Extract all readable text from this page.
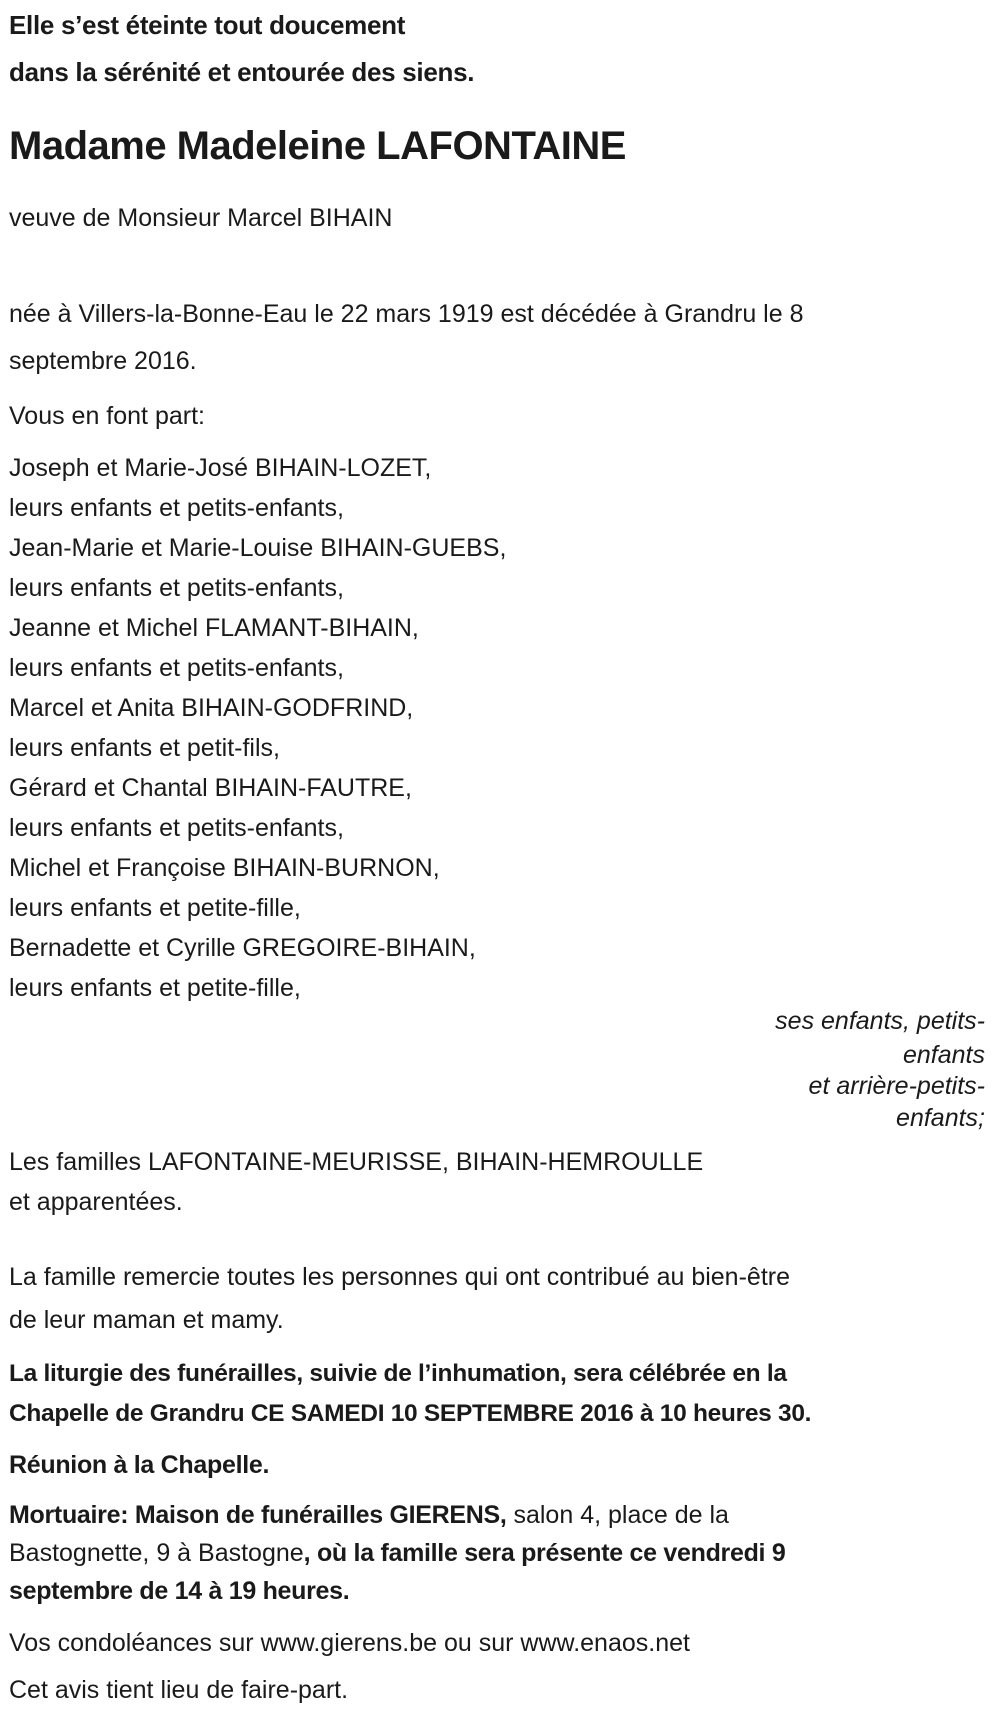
Elle s’est éteinte tout doucement

dans la sérénité et entourée des siens.

Madame Madeleine LAFONTAINE

veuve de Monsieur Marcel BIHAIN

née à Villers-la-Bonne-Eau le 22 mars 1919 est décédée à Grandru le 8
septembre 2016.

Vous en font part:

Joseph et Marie-José BIHAIN-LOZET,
leurs enfants et petits-enfants,
Jean-Marie et Marie-Louise BIHAIN-GUEBS,
leurs enfants et petits-enfants,
Jeanne et Michel FLAMANT-BIHAIN,
leurs enfants et petits-enfants,
Marcel et Anita BIHAIN-GODFRIND,
leurs enfants et petit-fils,
Gérard et Chantal BIHAIN-FAUTRE,
leurs enfants et petits-enfants,
Michel et Françoise BIHAIN-BURNON,
leurs enfants et petite-fille,
Bernadette et Cyrille GREGOIRE-BIHAIN,
leurs enfants et petite-fille,
ses enfants, petits-
enfants
et arrière-petits-
enfants;

Les familles LAFONTAINE-MEURISSE, BIHAIN-HEMROULLE
et apparentées.

La famille remercie toutes les personnes qui ont contribué au bien-être
de leur maman et mamy.

La liturgie des funérailles, suivie de l’inhumation, sera célébrée en la
Chapelle de Grandru CE SAMEDI 10 SEPTEMBRE 2016 à 10 heures 30.

Réunion à la Chapelle.

Mortuaire: Maison de funérailles GIERENS, salon 4, place de la
Bastognette, 9 à Bastogne, où la famille sera présente ce vendredi 9
septembre de 14 à 19 heures.

Vos condoléances sur www.gierens.be ou sur www.enaos.net

Cet avis tient lieu de faire-part.
